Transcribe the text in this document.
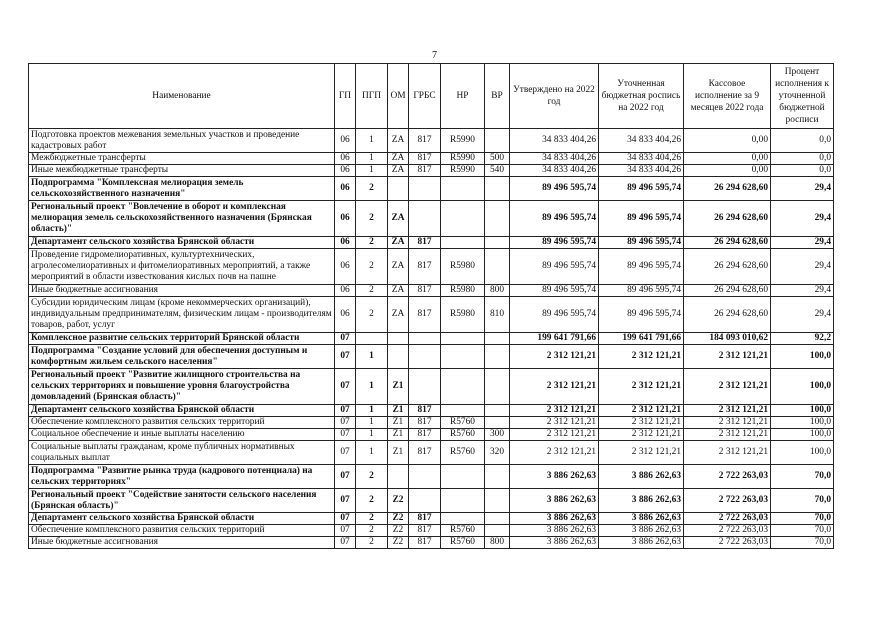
7
Наименование	ГП	ПГП	ОМ	ГРБС	НР	ВР	Утверждено на 2022 год	Уточненная бюджетная роспись на 2022 год	Кассовое исполнение за 9 месяцев 2022 года	Процент исполнения к уточненной бюджетной росписи
Подготовка проектов межевания земельных участков и проведение кадастровых работ	06	1	ZA	817	R5990		34 833 404,26	34 833 404,26	0,00	0,0
Межбюджетные трансферты	06	1	ZA	817	R5990	500	34 833 404,26	34 833 404,26	0,00	0,0
Иные межбюджетные трансферты	06	1	ZA	817	R5990	540	34 833 404,26	34 833 404,26	0,00	0,0
Подпрограмма "Комплексная мелиорация земель сельскохозяйственного назначения"	06	2					89 496 595,74	89 496 595,74	26 294 628,60	29,4
Региональный проект "Вовлечение в оборот и комплексная мелиорация земель сельскохозяйственного назначения (Брянская область)"	06	2	ZA				89 496 595,74	89 496 595,74	26 294 628,60	29,4
Департамент сельского хозяйства Брянской области	06	2	ZA	817			89 496 595,74	89 496 595,74	26 294 628,60	29,4
Проведение гидромелиоративных, культуртехнических, агролесомелиоративных и фитомелиоративных мероприятий, а также мероприятий в области известкования кислых почв на пашне	06	2	ZA	817	R5980		89 496 595,74	89 496 595,74	26 294 628,60	29,4
Иные бюджетные ассигнования	06	2	ZA	817	R5980	800	89 496 595,74	89 496 595,74	26 294 628,60	29,4
Субсидии юридическим лицам (кроме некоммерческих организаций), индивидуальным предпринимателям, физическим лицам - производителям товаров, работ, услуг	06	2	ZA	817	R5980	810	89 496 595,74	89 496 595,74	26 294 628,60	29,4
Комплексное развитие сельских территорий Брянской области	07						199 641 791,66	199 641 791,66	184 093 010,62	92,2
Подпрограмма "Создание условий для обеспечения доступным и комфортным жильем сельского населения"	07	1					2 312 121,21	2 312 121,21	2 312 121,21	100,0
Региональный проект "Развитие жилищного строительства на сельских территориях и повышение уровня благоустройства домовладений (Брянская область)"	07	1	Z1				2 312 121,21	2 312 121,21	2 312 121,21	100,0
Департамент сельского хозяйства Брянской области	07	1	Z1	817			2 312 121,21	2 312 121,21	2 312 121,21	100,0
Обеспечение комплексного развития сельских территорий	07	1	Z1	817	R5760		2 312 121,21	2 312 121,21	2 312 121,21	100,0
Социальное обеспечение и иные выплаты населению	07	1	Z1	817	R5760	300	2 312 121,21	2 312 121,21	2 312 121,21	100,0
Социальные выплаты гражданам, кроме публичных нормативных социальных выплат	07	1	Z1	817	R5760	320	2 312 121,21	2 312 121,21	2 312 121,21	100,0
Подпрограмма "Развитие рынка труда (кадрового потенциала) на сельских территориях"	07	2					3 886 262,63	3 886 262,63	2 722 263,03	70,0
Региональный проект "Содействие занятости сельского населения (Брянская область)"	07	2	Z2				3 886 262,63	3 886 262,63	2 722 263,03	70,0
Департамент сельского хозяйства Брянской области	07	2	Z2	817			3 886 262,63	3 886 262,63	2 722 263,03	70,0
Обеспечение комплексного развития сельских территорий	07	2	Z2	817	R5760		3 886 262,63	3 886 262,63	2 722 263,03	70,0
Иные бюджетные ассигнования	07	2	Z2	817	R5760	800	3 886 262,63	3 886 262,63	2 722 263,03	70,0
